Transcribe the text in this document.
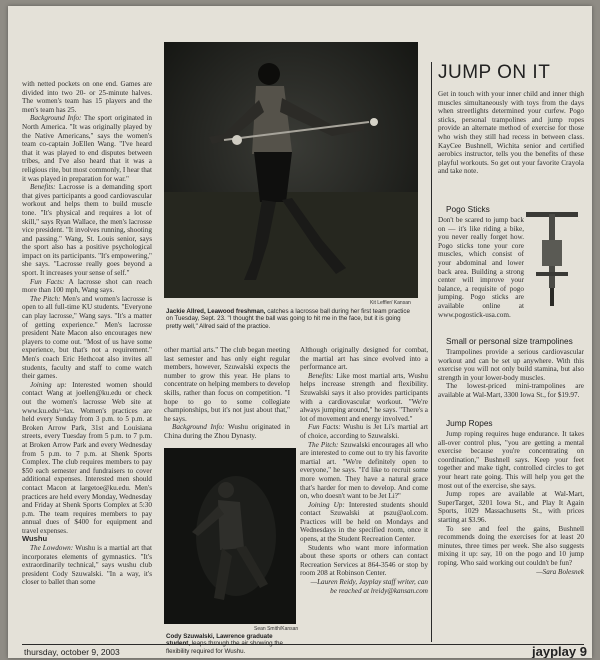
with netted pockets on one end. Games are divided into two 20- or 25-minute halves. The women's team has 15 players and the men's team has 25.

Background Info: The sport originated in North America. "It was originally played by the Native Americans," says the women's team co-captain JoEllen Wang. "I've heard that it was played to end disputes between tribes, and I've also heard that it was a religious rite, but most commonly, I hear that it was played in preparation for war."

Benefits: Lacrosse is a demanding sport that gives participants a good cardiovascular workout and helps them to build muscle tone. "It's physical and requires a lot of skill," says Ryan Wallace, the men's lacrosse vice president. "It involves running, shooting and passing." Wang, St. Louis senior, says the sport also has a positive psychological impact on its participants. "It's empowering," she says. "Lacrosse really goes beyond a sport. It increases your sense of self."

Fun Facts: A lacrosse shot can reach more than 100 mph, Wang says.

The Pitch: Men's and women's lacrosse is open to all full-time KU students. "Everyone can play lacrosse," Wang says. "It's a matter of getting experience." Men's lacrosse president Nate Macon also encourages new players to come out. "Most of us have some experience, but that's not a requirement." Men's coach Eric Hethcoat also invites all students, faculty and staff to come watch their games.

Joining up: Interested women should contact Wang at joellen@ku.edu or check out the women's lacrosse Web site at www.ku.edu/~lax. Women's practices are held every Sunday from 3 p.m. to 5 p.m. at Broken Arrow Park, 31st and Louisiana streets, every Tuesday from 5 p.m. to 7 p.m. at Broken Arrow Park and every Wednesday from 5 p.m. to 7 p.m. at Shenk Sports Complex. The club requires members to pay $50 each semester and fundraisers to cover additional expenses. Interested men should contact Macon at largetoe@ku.edu. Men's practices are held every Monday, Wednesday and Friday at Shenk Sports Complex at 5:30 p.m. The team requires members to pay annual dues of $400 for equipment and travel expenses.

Wushu

The Lowdown: Wushu is a martial art that incorporates elements of gymnastics. "It's extraordinarily technical," says wushu club president Cody Szuwalski. "In a way, it's closer to ballet than some

Kit Leffler/ Kansan
Jackie Allred, Leawood freshman, catches a lacrosse ball during her first team practice on Tuesday, Sept. 23. "I thought the ball was going to hit me in the face, but it is going pretty well," Allred said of the practice.

other martial arts." The club began meeting last semester and has only eight regular members, however, Szuwalski expects the number to grow this year. He plans to concentrate on helping members to develop skills, rather than focus on competition. "I hope to go to some collegiate championships, but it's not just about that," he says.

Background Info: Wushu originated in China during the Zhou Dynasty.

Sean Smith/Kansan
Cody Szuwalski, Lawrence graduate flexibility required for Wushu.

Although originally designed for combat, the martial art has since evolved into a performance art.

Benefits: Like most martial arts, Wushu helps increase strength and flexibility. Szuwalski says it also provides participants with a cardiovascular workout. "We're always jumping around," he says. "There's a lot of movement and energy involved."

Fun Facts: Wushu is Jet Li's martial art of choice, according to Szuwalski.

The Pitch: Szuwalski encourages all who are interested to come out to try his favorite martial art. "We're definitely open to everyone," he says. "I'd like to recruit some more women. They have a natural grace that's harder for men to develop. And come on, who doesn't want to be Jet Li?"

Joining Up: Interested students should contact Szuwalski at pszu@aol.com. Practices will be held on Mondays and Wednesdays in the specified room, once it opens, at the Student Recreation Center.

Students who want more information about these sports or others can contact Recreation Services at 864-3546 or stop by room 208 at Robinson Center.

—Lauren Reidy, Jayplay staff writer, can be reached at lreidy@kansan.com

JUMP ON IT

Get in touch with your inner child and inner thigh muscles simultaneously with toys from the days when streetlights determined your curfew. Pogo sticks, personal trampolines and jump ropes provide an alternate method of exercise for those who wish they still had recess in between class. KayCee Bushnell, Wichita senior and certified aerobics instructor, tells you the benefits of these playful workouts. So get out your favorite Crayola and take note.

Pogo Sticks

Don't be scared to jump back on — it's like riding a bike, you never really forget how. Pogo sticks tone your core muscles, which consist of your abdominal and lower back area. Building a strong center will improve your balance, a requisite of pogo jumping. Pogo sticks are available online at www.pogostick-usa.com.

Small or personal size trampolines

Trampolines provide a serious cardiovascular workout and can be set up anywhere. With this exercise you will not only build stamina, but also strength in your lower-body muscles.

The lowest-priced mini-trampolines are available at Wal-Mart, 3300 Iowa St., for $19.97.

Jump Ropes

Jump roping requires huge endurance. It takes all-over control plus, "you are getting a mental exercise because you're concentrating on coordination," Bushnell says. Keep your feet together and make tight, controlled circles to get your heart rate going. This will help you get the most out of the exercise, she says.

Jump ropes are available at Wal-Mart, SuperTarget, 3201 Iowa St., and Play It Again Sports, 1029 Massachusetts St., with prices starting at $3.96.

To see and feel the gains, Bushnell recommends doing the exercises for at least 20 minutes, three times per week. She also suggests mixing it up: say, 10 on the pogo and 10 jump roping. Who said working out couldn't be fun?

—Sara Bolesnek

thursday, october 9, 2003	jayplay 9
